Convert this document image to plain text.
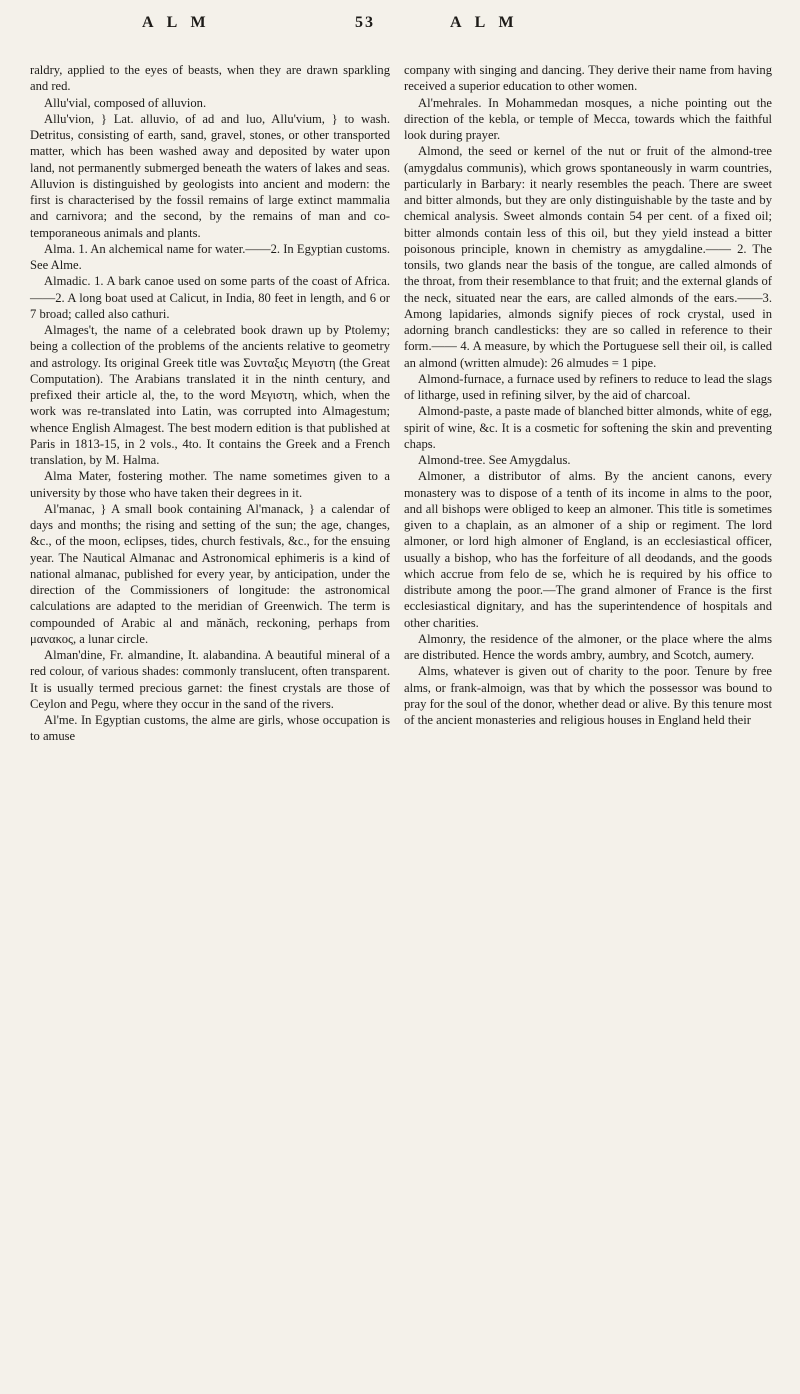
A L M	53	A L M

raldry, applied to the eyes of beasts, when they are drawn sparkling and red.

Allu'vial, composed of alluvion.

Allu'vion, } Lat. alluvio, of ad and luo, Allu'vium, } to wash. Detritus, consisting of earth, sand, gravel, stones, or other transported matter, which has been washed away and deposited by water upon land, not permanently submerged beneath the waters of lakes and seas. Alluvion is distinguished by geologists into ancient and modern: the first is characterised by the fossil remains of large extinct mammalia and carnivora; and the second, by the remains of man and co-temporaneous animals and plants.

Alma. 1. An alchemical name for water.——2. In Egyptian customs. See Alme.

Almadic. 1. A bark canoe used on some parts of the coast of Africa.——2. A long boat used at Calicut, in India, 80 feet in length, and 6 or 7 broad; called also cathuri.

Almages't, the name of a celebrated book drawn up by Ptolemy; being a collection of the problems of the ancients relative to geometry and astrology. Its original Greek title was Συνταξις Μεγιστη (the Great Computation). The Arabians translated it in the ninth century, and prefixed their article al, the, to the word Μεγιστη, which, when the work was re-translated into Latin, was corrupted into Almagestum; whence English Almagest. The best modern edition is that published at Paris in 1813-15, in 2 vols., 4to. It contains the Greek and a French translation, by M. Halma.

Alma Mater, fostering mother. The name sometimes given to a university by those who have taken their degrees in it.

Al'manac, } A small book containing Al'manack, } a calendar of days and months; the rising and setting of the sun; the age, changes, &c., of the moon, eclipses, tides, church festivals, &c., for the ensuing year. The Nautical Almanac and Astronomical ephimeris is a kind of national almanac, published for every year, by anticipation, under the direction of the Commissioners of longitude: the astronomical calculations are adapted to the meridian of Greenwich. The term is compounded of Arabic al and mănăch, reckoning, perhaps from μανακος, a lunar circle.

Alman'dine, Fr. almandine, It. alabandina. A beautiful mineral of a red colour, of various shades: commonly translucent, often transparent. It is usually termed precious garnet: the finest crystals are those of Ceylon and Pegu, where they occur in the sand of the rivers.

Al'me. In Egyptian customs, the alme are girls, whose occupation is to amuse

company with singing and dancing. They derive their name from having received a superior education to other women.

Al'mehrales. In Mohammedan mosques, a niche pointing out the direction of the kebla, or temple of Mecca, towards which the faithful look during prayer.

Almond, the seed or kernel of the nut or fruit of the almond-tree (amygdalus communis), which grows spontaneously in warm countries, particularly in Barbary: it nearly resembles the peach. There are sweet and bitter almonds, but they are only distinguishable by the taste and by chemical analysis. Sweet almonds contain 54 per cent. of a fixed oil; bitter almonds contain less of this oil, but they yield instead a bitter poisonous principle, known in chemistry as amygdaline.—— 2. The tonsils, two glands near the basis of the tongue, are called almonds of the throat, from their resemblance to that fruit; and the external glands of the neck, situated near the ears, are called almonds of the ears.——3. Among lapidaries, almonds signify pieces of rock crystal, used in adorning branch candlesticks: they are so called in reference to their form.—— 4. A measure, by which the Portuguese sell their oil, is called an almond (written almude): 26 almudes = 1 pipe.

Almond-furnace, a furnace used by refiners to reduce to lead the slags of litharge, used in refining silver, by the aid of charcoal.

Almond-paste, a paste made of blanched bitter almonds, white of egg, spirit of wine, &c. It is a cosmetic for softening the skin and preventing chaps.

Almond-tree. See Amygdalus.

Almoner, a distributor of alms. By the ancient canons, every monastery was to dispose of a tenth of its income in alms to the poor, and all bishops were obliged to keep an almoner. This title is sometimes given to a chaplain, as an almoner of a ship or regiment. The lord almoner, or lord high almoner of England, is an ecclesiastical officer, usually a bishop, who has the forfeiture of all deodands, and the goods which accrue from felo de se, which he is required by his office to distribute among the poor.—The grand almoner of France is the first ecclesiastical dignitary, and has the superintendence of hospitals and other charities.

Almonry, the residence of the almoner, or the place where the alms are distributed. Hence the words ambry, aumbry, and Scotch, aumery.

Alms, whatever is given out of charity to the poor. Tenure by free alms, or frank-almoign, was that by which the possessor was bound to pray for the soul of the donor, whether dead or alive. By this tenure most of the ancient monasteries and religious houses in England held their
